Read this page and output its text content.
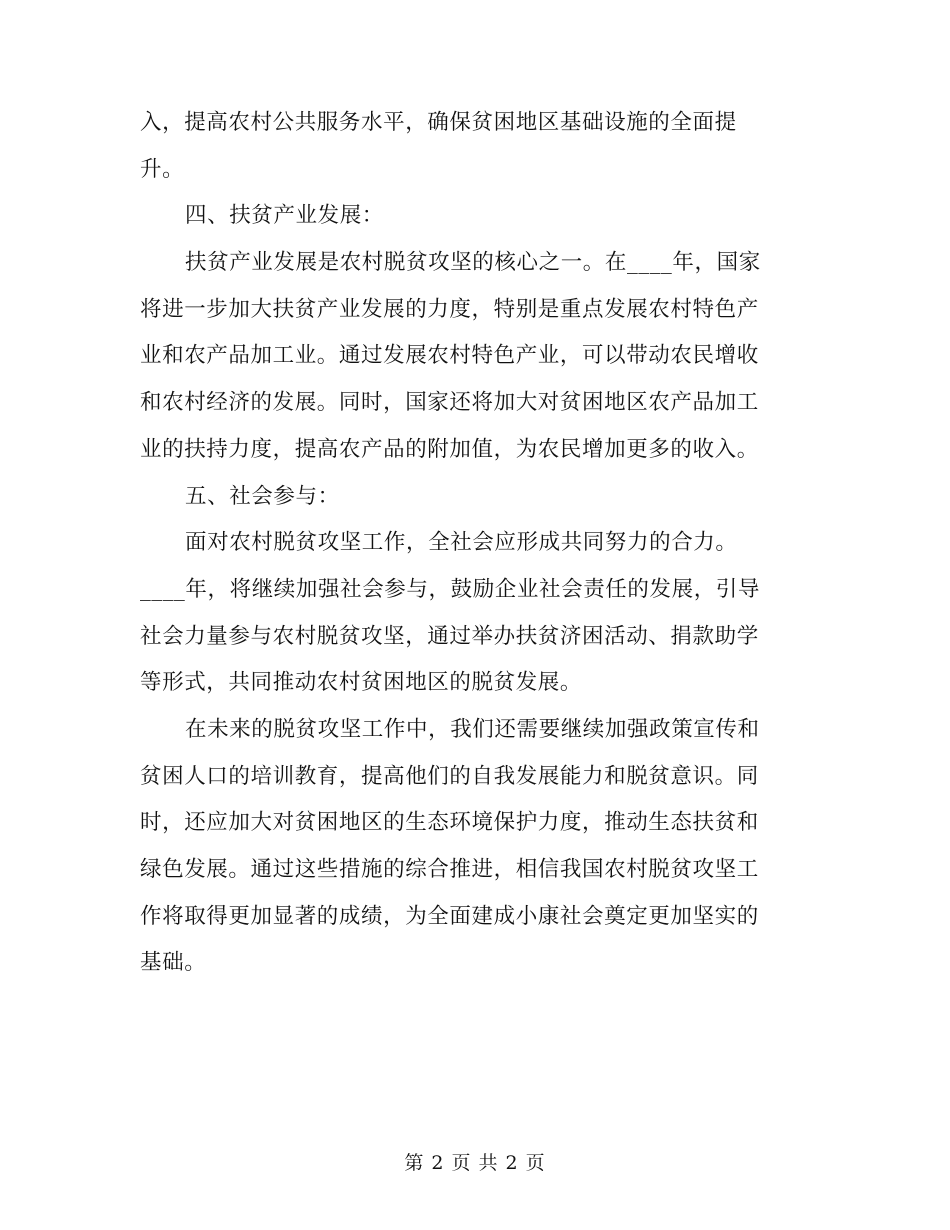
入，提高农村公共服务水平，确保贫困地区基础设施的全面提
升。
四、扶贫产业发展：
扶贫产业发展是农村脱贫攻坚的核心之一。在____年，国家
将进一步加大扶贫产业发展的力度，特别是重点发展农村特色产
业和农产品加工业。通过发展农村特色产业，可以带动农民增收
和农村经济的发展。同时，国家还将加大对贫困地区农产品加工
业的扶持力度，提高农产品的附加值，为农民增加更多的收入。
五、社会参与：
面对农村脱贫攻坚工作，全社会应形成共同努力的合力。
____年，将继续加强社会参与，鼓励企业社会责任的发展，引导
社会力量参与农村脱贫攻坚，通过举办扶贫济困活动、捐款助学
等形式，共同推动农村贫困地区的脱贫发展。
在未来的脱贫攻坚工作中，我们还需要继续加强政策宣传和
贫困人口的培训教育，提高他们的自我发展能力和脱贫意识。同
时，还应加大对贫困地区的生态环境保护力度，推动生态扶贫和
绿色发展。通过这些措施的综合推进，相信我国农村脱贫攻坚工
作将取得更加显著的成绩，为全面建成小康社会奠定更加坚实的
基础。
第 2 页 共 2 页
